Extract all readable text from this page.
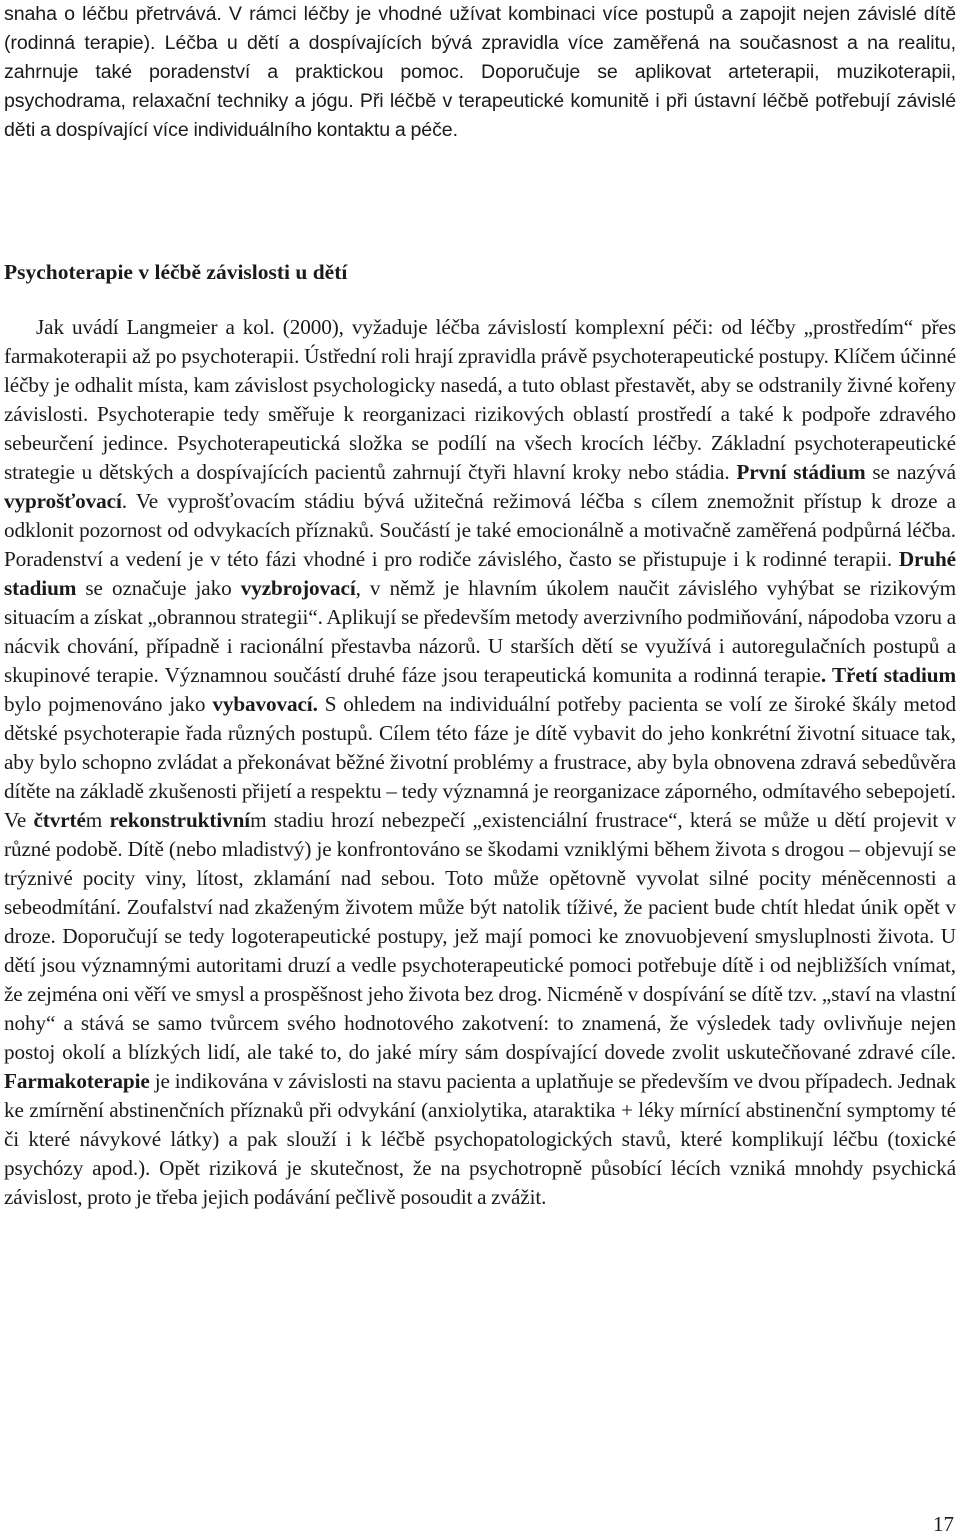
snaha o léčbu přetrvává. V rámci léčby je vhodné užívat kombinaci více postupů a zapojit nejen závislé dítě (rodinná terapie). Léčba u dětí a dospívajících bývá zpravidla více zaměřená na současnost a na realitu, zahrnuje také poradenství a praktickou pomoc. Doporučuje se aplikovat arteterapii, muzikoterapii, psychodrama, relaxační techniky a jógu. Při léčbě v terapeutické komunitě i při ústavní léčbě potřebují závislé děti a dospívající více individuálního kontaktu a péče.

Psychoterapie v léčbě závislosti u dětí

Jak uvádí Langmeier a kol. (2000), vyžaduje léčba závislostí komplexní péči: od léčby „prostředím“ přes farmakoterapii až po psychoterapii. Ústřední roli hrají zpravidla právě psychoterapeutické postupy. Klíčem účinné léčby je odhalit místa, kam závislost psychologicky nasedá, a tuto oblast přestavět, aby se odstranily živné kořeny závislosti. Psychoterapie tedy směřuje k reorganizaci rizikových oblastí prostředí a také k podpoře zdravého sebeurčení jedince. Psychoterapeutická složka se podílí na všech krocích léčby. Základní psychoterapeutické strategie u dětských a dospívajících pacientů zahrnují čtyři hlavní kroky nebo stádia. První stádium se nazývá vyprošťovací. Ve vyprošťovacím stádiu bývá užitečná režimová léčba s cílem znemožnit přístup k droze a odklonit pozornost od odvykacích příznaků. Součástí je také emocionálně a motivačně zaměřená podpůrná léčba. Poradenství a vedení je v této fázi vhodné i pro rodiče závislého, často se přistupuje i k rodinné terapii. Druhé stadium se označuje jako vyzbrojovací, v němž je hlavním úkolem naučit závislého vyhýbat se rizikovým situacím a získat „obrannou strategii“. Aplikují se především metody averzivního podmiňování, nápodoba vzoru a nácvik chování, případně i racionální přestavba názorů. U starších dětí se využívá i autoregulačních postupů a skupinové terapie. Významnou součástí druhé fáze jsou terapeutická komunita a rodinná terapie. Třetí stadium bylo pojmenováno jako vybavovací. S ohledem na individuální potřeby pacienta se volí ze široké škály metod dětské psychoterapie řada různých postupů. Cílem této fáze je dítě vybavit do jeho konkrétní životní situace tak, aby bylo schopno zvládat a překonávat běžné životní problémy a frustrace, aby byla obnovena zdravá sebedůvěra dítěte na základě zkušenosti přijetí a respektu – tedy významná je reorganizace záporného, odmítavého sebepojetí. Ve čtvrtém rekonstruktivním stadiu hrozí nebezpečí „existenciální frustrace“, která se může u dětí projevit v různé podobě. Dítě (nebo mladistvý) je konfrontováno se škodami vzniklými během života s drogou – objevují se trýznivé pocity viny, lítost, zklamání nad sebou. Toto může opětovně vyvolat silné pocity méněcennosti a sebeodmítání. Zoufalství nad zkaženým životem může být natolik tíživé, že pacient bude chtít hledat únik opět v droze. Doporučují se tedy logoterapeutické postupy, jež mají pomoci ke znovuobjevení smysluplnosti života. U dětí jsou významnými autoritami druzí a vedle psychoterapeutické pomoci potřebuje dítě i od nejbližších vnímat, že zejména oni věří ve smysl a prospěšnost jeho života bez drog. Nicméně v dospívání se dítě tzv. „staví na vlastní nohy“ a stává se samo tvůrcem svého hodnotového zakotvení: to znamená, že výsledek tady ovlivňuje nejen postoj okolí a blízkých lidí, ale také to, do jaké míry sám dospívající dovede zvolit uskutečňované zdravé cíle. Farmakoterapie je indikována v závislosti na stavu pacienta a uplatňuje se především ve dvou případech. Jednak ke zmírnění abstinenčních příznaků při odvykání (anxiolytika, ataraktika + léky mírnící abstinenční symptomy té či které návykové látky) a pak slouží i k léčbě psychopatologických stavů, které komplikují léčbu (toxické psychózy apod.). Opět riziková je skutečnost, že na psychotropně působící lécích vzniká mnohdy psychická závislost, proto je třeba jejich podávání pečlivě posoudit a zvážit.

17
